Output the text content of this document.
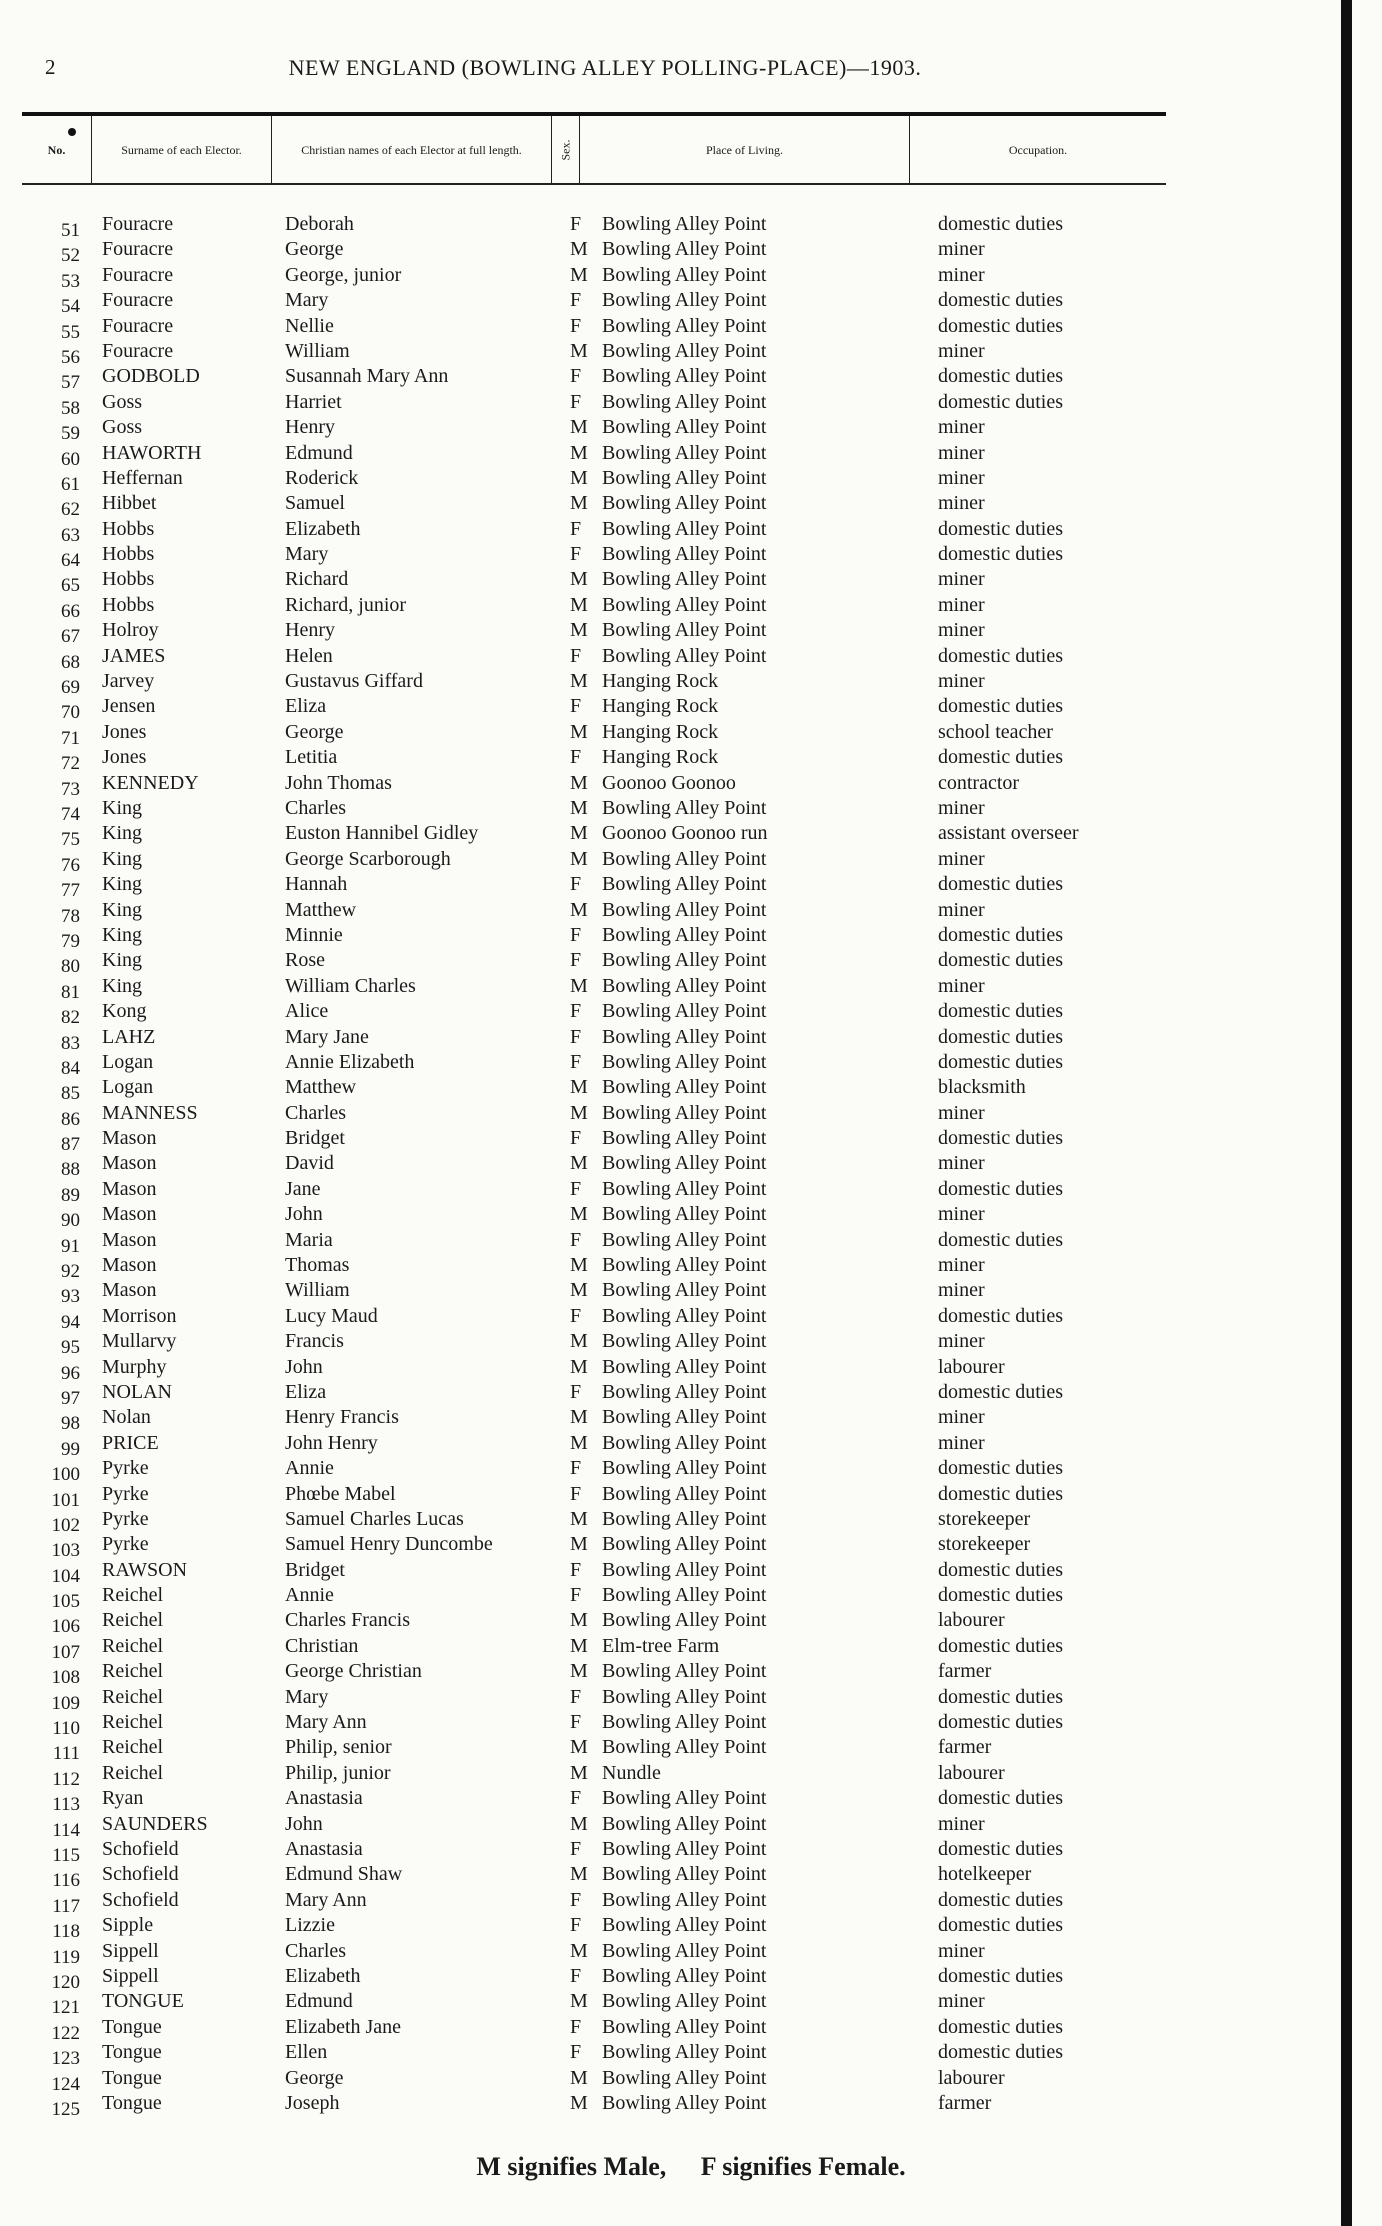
2	NEW ENGLAND (BOWLING ALLEY POLLING-PLACE)—1903.
No.	Surname of each Elector.	Christian names of each Elector at full length.	Sex.	Place of Living.	Occupation.
51 Fouracre	Deborah	F Bowling Alley Point	domestic duties
52 Fouracre	George	M Bowling Alley Point	miner
53 Fouracre	George, junior	M Bowling Alley Point	miner
54 Fouracre	Mary	F Bowling Alley Point	domestic duties
55 Fouracre	Nellie	F Bowling Alley Point	domestic duties
56 Fouracre	William	M Bowling Alley Point	miner
57 GODBOLD	Susannah Mary Ann	F Bowling Alley Point	domestic duties
58 Goss	Harriet	F Bowling Alley Point	domestic duties
59 Goss	Henry	M Bowling Alley Point	miner
60 HAWORTH	Edmund	M Bowling Alley Point	miner
61 Heffernan	Roderick	M Bowling Alley Point	miner
62 Hibbet	Samuel	M Bowling Alley Point	miner
63 Hobbs	Elizabeth	F Bowling Alley Point	domestic duties
64 Hobbs	Mary	F Bowling Alley Point	domestic duties
65 Hobbs	Richard	M Bowling Alley Point	miner
66 Hobbs	Richard, junior	M Bowling Alley Point	miner
67 Holroy	Henry	M Bowling Alley Point	miner
68 JAMES	Helen	F Bowling Alley Point	domestic duties
69 Jarvey	Gustavus Giffard	M Hanging Rock	miner
70 Jensen	Eliza	F Hanging Rock	domestic duties
71 Jones	George	M Hanging Rock	school teacher
72 Jones	Letitia	F Hanging Rock	domestic duties
73 KENNEDY	John Thomas	M Goonoo Goonoo	contractor
74 King	Charles	M Bowling Alley Point	miner
75 King	Euston Hannibel Gidley	M Goonoo Goonoo run	assistant overseer
76 King	George Scarborough	M Bowling Alley Point	miner
77 King	Hannah	F Bowling Alley Point	domestic duties
78 King	Matthew	M Bowling Alley Point	miner
79 King	Minnie	F Bowling Alley Point	domestic duties
80 King	Rose	F Bowling Alley Point	domestic duties
81 King	William Charles	M Bowling Alley Point	miner
82 Kong	Alice	F Bowling Alley Point	domestic duties
83 LAHZ	Mary Jane	F Bowling Alley Point	domestic duties
84 Logan	Annie Elizabeth	F Bowling Alley Point	domestic duties
85 Logan	Matthew	M Bowling Alley Point	blacksmith
86 MANNESS	Charles	M Bowling Alley Point	miner
87 Mason	Bridget	F Bowling Alley Point	domestic duties
88 Mason	David	M Bowling Alley Point	miner
89 Mason	Jane	F Bowling Alley Point	domestic duties
90 Mason	John	M Bowling Alley Point	miner
91 Mason	Maria	F Bowling Alley Point	domestic duties
92 Mason	Thomas	M Bowling Alley Point	miner
93 Mason	William	M Bowling Alley Point	miner
94 Morrison	Lucy Maud	F Bowling Alley Point	domestic duties
95 Mullarvy	Francis	M Bowling Alley Point	miner
96 Murphy	John	M Bowling Alley Point	labourer
97 NOLAN	Eliza	F Bowling Alley Point	domestic duties
98 Nolan	Henry Francis	M Bowling Alley Point	miner
99 PRICE	John Henry	M Bowling Alley Point	miner
100 Pyrke	Annie	F Bowling Alley Point	domestic duties
101 Pyrke	Phœbe Mabel	F Bowling Alley Point	domestic duties
102 Pyrke	Samuel Charles Lucas	M Bowling Alley Point	storekeeper
103 Pyrke	Samuel Henry Duncombe	M Bowling Alley Point	storekeeper
104 RAWSON	Bridget	F Bowling Alley Point	domestic duties
105 Reichel	Annie	F Bowling Alley Point	domestic duties
106 Reichel	Charles Francis	M Bowling Alley Point	labourer
107 Reichel	Christian	M Elm-tree Farm	domestic duties
108 Reichel	George Christian	M Bowling Alley Point	farmer
109 Reichel	Mary	F Bowling Alley Point	domestic duties
110 Reichel	Mary Ann	F Bowling Alley Point	domestic duties
111 Reichel	Philip, senior	M Bowling Alley Point	farmer
112 Reichel	Philip, junior	M Nundle	labourer
113 Ryan	Anastasia	F Bowling Alley Point	domestic duties
114 SAUNDERS	John	M Bowling Alley Point	miner
115 Schofield	Anastasia	F Bowling Alley Point	domestic duties
116 Schofield	Edmund Shaw	M Bowling Alley Point	hotelkeeper
117 Schofield	Mary Ann	F Bowling Alley Point	domestic duties
118 Sipple	Lizzie	F Bowling Alley Point	domestic duties
119 Sippell	Charles	M Bowling Alley Point	miner
120 Sippell	Elizabeth	F Bowling Alley Point	domestic duties
121 TONGUE	Edmund	M Bowling Alley Point	miner
122 Tongue	Elizabeth Jane	F Bowling Alley Point	domestic duties
123 Tongue	Ellen	F Bowling Alley Point	domestic duties
124 Tongue	George	M Bowling Alley Point	labourer
125 Tongue	Joseph	M Bowling Alley Point	farmer
M signifies Male, F signifies Female.
